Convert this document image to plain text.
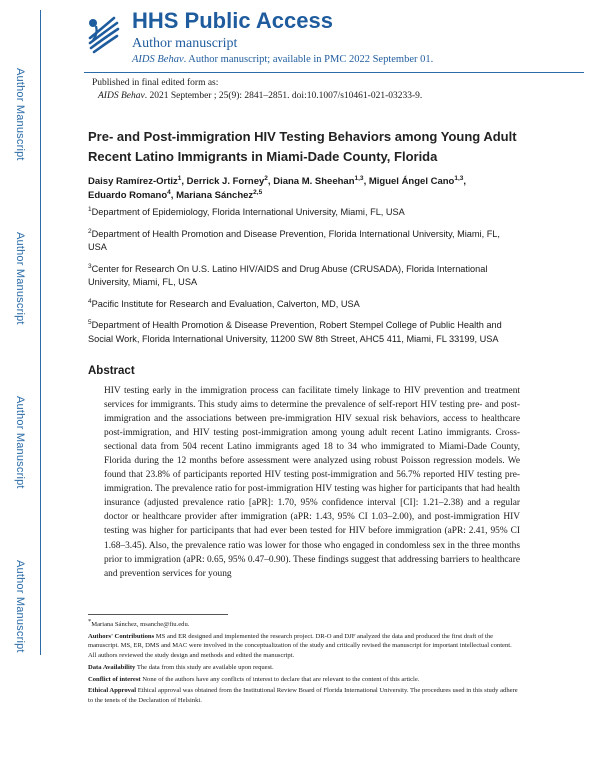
Author Manuscript
Author Manuscript
Author Manuscript
Author Manuscript
HHS Public Access
Author manuscript
AIDS Behav. Author manuscript; available in PMC 2022 September 01.
Published in final edited form as:
AIDS Behav. 2021 September ; 25(9): 2841–2851. doi:10.1007/s10461-021-03233-9.
Pre- and Post-immigration HIV Testing Behaviors among Young Adult Recent Latino Immigrants in Miami-Dade County, Florida
Daisy Ramírez-Ortiz$^1$, Derrick J. Forney$^2$, Diana M. Sheehan$^{1,3}$, Miguel Ángel Cano$^{1,3}$,
Eduardo Romano$^4$, Mariana Sánchez$^{2,5}$

$^1$Department of Epidemiology, Florida International University, Miami, FL, USA

$^2$Department of Health Promotion and Disease Prevention, Florida International University, Miami, FL, USA

$^3$Center for Research On U.S. Latino HIV/AIDS and Drug Abuse (CRUSADA), Florida International University, Miami, FL, USA

$^4$Pacific Institute for Research and Evaluation, Calverton, MD, USA

$^5$Department of Health Promotion & Disease Prevention, Robert Stempel College of Public Health and Social Work, Florida International University, 11200 SW 8th Street, AHC5 411, Miami, FL 33199, USA

Abstract
HIV testing early in the immigration process can facilitate timely linkage to HIV prevention and treatment services for immigrants. This study aims to determine the prevalence of self-report HIV testing pre- and post-immigration and the associations between pre-immigration HIV sexual risk behaviors, access to healthcare post-immigration, and HIV testing post-immigration among young adult recent Latino immigrants. Cross-sectional data from 504 recent Latino immigrants aged 18 to 34 who immigrated to Miami-Dade County, Florida during the 12 months before assessment were analyzed using robust Poisson regression models. We found that 23.8% of participants reported HIV testing post-immigration and 56.7% reported HIV testing pre-immigration. The prevalence ratio for post-immigration HIV testing was higher for participants that had health insurance (adjusted prevalence ratio [aPR]: 1.70, 95% confidence interval [CI]: 1.21–2.38) and a regular doctor or healthcare provider after immigration (aPR: 1.43, 95% CI 1.03–2.00), and post-immigration HIV testing was higher for participants that had ever been tested for HIV before immigration (aPR: 2.41, 95% CI 1.68–3.45). Also, the prevalence ratio was lower for those who engaged in condomless sex in the three months prior to immigration (aPR: 0.65, 95% 0.47–0.90). These findings suggest that addressing barriers to healthcare and prevention services for young

*Mariana Sánchez, msanche@fiu.edu.

Authors' Contributions MS and ER designed and implemented the research project. DR-O and DJF analyzed the data and produced the first draft of the manuscript. MS, ER, DMS and MAC were involved in the conceptualization of the study and critically revised the manuscript for important intellectual content. All authors reviewed the study design and methods and edited the manuscript.

Data Availability The data from this study are available upon request.

Conflict of interest None of the authors have any conflicts of interest to declare that are relevant to the content of this article.

Ethical Approval Ethical approval was obtained from the Institutional Review Board of Florida International University. The procedures used in this study adhere to the tenets of the Declaration of Helsinki.
